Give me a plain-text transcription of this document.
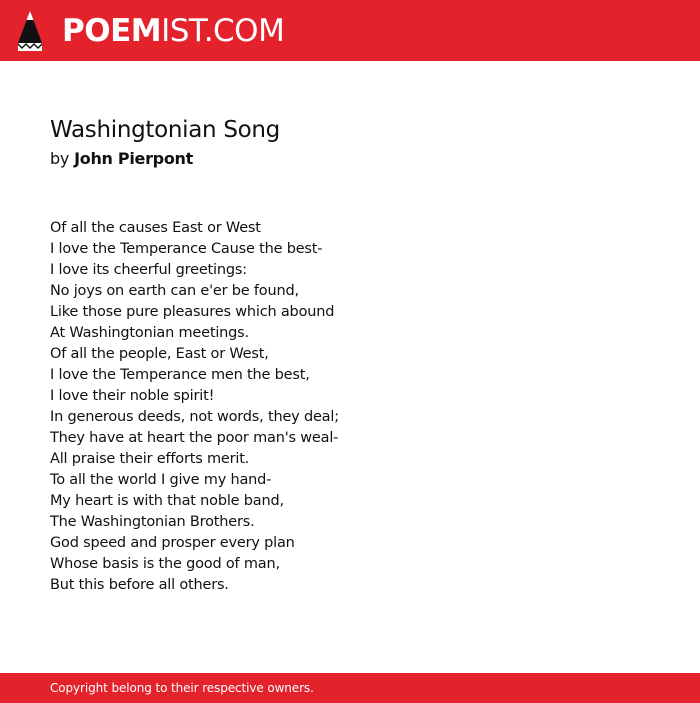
POEMIST.COM
Washingtonian Song

by John Pierpont

Of all the causes East or West
I love the Temperance Cause the best-
I love its cheerful greetings:
No joys on earth can e'er be found,
Like those pure pleasures which abound
At Washingtonian meetings.
Of all the people, East or West,
I love the Temperance men the best,
I love their noble spirit!
In generous deeds, not words, they deal;
They have at heart the poor man's weal-
All praise their efforts merit.
To all the world I give my hand-
My heart is with that noble band,
The Washingtonian Brothers.
God speed and prosper every plan
Whose basis is the good of man,
But this before all others.
Copyright belong to their respective owners.
